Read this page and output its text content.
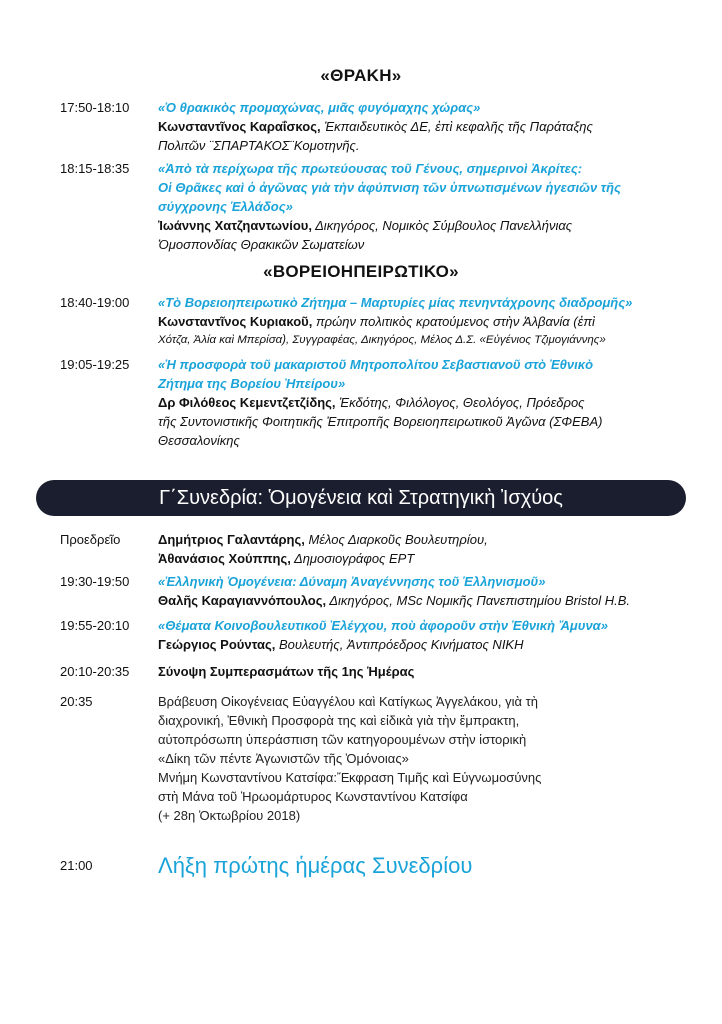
«ΘΡΑΚΗ»
17:50-18:10	«Ὁ θρακικὸς προμαχώνας, μιᾶς φυγόμαχης χώρας»
Κωνσταντῖνος Καραΐσκος, Ἐκπαιδευτικὸς ΔΕ, ἐπὶ κεφαλῆς τῆς Παράταξης
Πολιτῶν ¨ΣΠΑΡΤΑΚΟΣ¨Κομοτηνῆς.
18:15-18:35	«Ἀπὸ τὰ περίχωρα τῆς πρωτεύουσας τοῦ Γένους, σημερινοὶ Ἀκρίτες:
Οἱ Θρᾶκες καὶ ὁ ἀγῶνας γιὰ τὴν ἀφύπνιση τῶν ὑπνωτισμένων ἡγεσιῶν τῆς
σύγχρονης Ἑλλάδος»
Ἰωάννης Χατζηαντωνίου, Δικηγόρος, Νομικὸς Σύμβουλος Πανελλήνιας
Ὁμοσπονδίας Θρακικῶν Σωματείων
«ΒΟΡΕΙΟΗΠΕΙΡΩΤΙΚΟ»
18:40-19:00	«Τὸ Βορειοηπειρωτικὸ Ζήτημα – Μαρτυρίες μίας πενηντάχρονης διαδρομῆς»
Κωνσταντῖνος Κυριακοῦ, πρώην πολιτικὸς κρατούμενος στὴν Ἀλβανία (ἐπὶ
Χότζα, Ἀλία καὶ Μπερίσα), Συγγραφέας, Δικηγόρος, Μέλος Δ.Σ. «Εὐγένιος Τζιμογιάννης»
19:05-19:25	«Ἡ προσφορὰ τοῦ μακαριστοῦ Μητροπολίτου Σεβαστιανοῦ στὸ Ἐθνικὸ
Ζήτημα της Βορείου Ἠπείρου»
Δρ Φιλόθεος Κεμεντζετζίδης, Ἐκδότης, Φιλόλογος, Θεολόγος, Πρόεδρος
τῆς Συντονιστικῆς Φοιτητικῆς Ἐπιτροπῆς Βορειοηπειρωτικοῦ Ἀγῶνα (ΣΦΕΒΑ)
Θεσσαλονίκης
Γ΄Συνεδρία: Ὁμογένεια καὶ Στρατηγικὴ Ἰσχύος
Προεδρεῖο	Δημήτριος Γαλαντάρης, Μέλος Διαρκοῦς Βουλευτηρίου,
Ἀθανάσιος Χούππης, Δημοσιογράφος ΕΡΤ
19:30-19:50	«Ἑλληνικὴ Ὁμογένεια: Δύναμη Ἀναγέννησης τοῦ Ἑλληνισμοῦ»
Θαλῆς Καραγιαννόπουλος, Δικηγόρος, MSc Νομικῆς Πανεπιστημίου Bristol H.B.
19:55-20:10	«Θέματα Κοινοβουλευτικοῦ Ἐλέγχου, ποὺ ἀφοροῦν στὴν Ἐθνικὴ Ἄμυνα»
Γεώργιος Ρούντας, Βουλευτής, Ἀντιπρόεδρος Κινήματος ΝΙΚΗ
20:10-20:35	Σύνοψη Συμπερασμάτων τῆς 1ης Ἡμέρας
20:35	Βράβευση Οἰκογένειας Εὐαγγέλου καὶ Κατίγκως Ἀγγελάκου, γιὰ τὴ
διαχρονική, Ἐθνικὴ Προσφορὰ της καὶ εἰδικὰ γιὰ τὴν ἔμπρακτη,
αὐτοπρόσωπη ὑπεράσπιση τῶν κατηγορουμένων στὴν ἱστορικὴ
«Δίκη τῶν πέντε Ἀγωνιστῶν τῆς Ὁμόνοιας»
Μνήμη Κωνσταντίνου Κατσίφα:Ἔκφραση Τιμῆς καὶ Εὐγνωμοσύνης
στὴ Μάνα τοῦ Ἡρωομάρτυρος Κωνσταντίνου Κατσίφα
(+ 28η Ὀκτωβρίου 2018)
21:00	Λήξη πρώτης ἡμέρας Συνεδρίου
